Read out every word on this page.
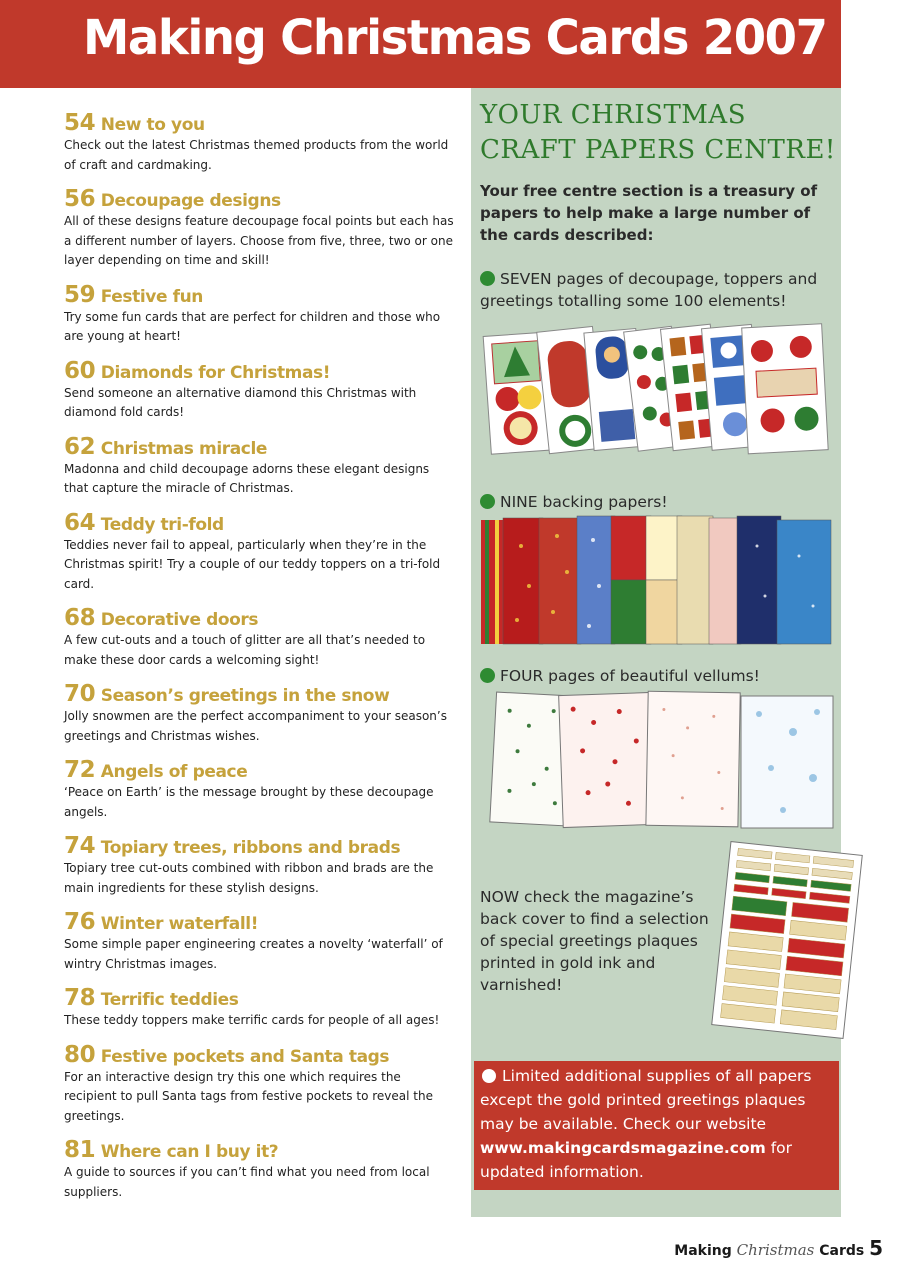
Making Christmas Cards 2007
54 New to you
Check out the latest Christmas themed products from the world of craft and cardmaking.
56 Decoupage designs
All of these designs feature decoupage focal points but each has a different number of layers. Choose from five, three, two or one layer depending on time and skill!
59 Festive fun
Try some fun cards that are perfect for children and those who are young at heart!
60 Diamonds for Christmas!
Send someone an alternative diamond this Christmas with diamond fold cards!
62 Christmas miracle
Madonna and child decoupage adorns these elegant designs that capture the miracle of Christmas.
64 Teddy tri-fold
Teddies never fail to appeal, particularly when they’re in the Christmas spirit! Try a couple of our teddy toppers on a tri-fold card.
68 Decorative doors
A few cut-outs and a touch of glitter are all that’s needed to make these door cards a welcoming sight!
70 Season’s greetings in the snow
Jolly snowmen are the perfect accompaniment to your season’s greetings and Christmas wishes.
72 Angels of peace
‘Peace on Earth’ is the message brought by these decoupage angels.
74 Topiary trees, ribbons and brads
Topiary tree cut-outs combined with ribbon and brads are the main ingredients for these stylish designs.
76 Winter waterfall!
Some simple paper engineering creates a novelty ‘waterfall’ of wintry Christmas images.
78 Terrific teddies
These teddy toppers make terrific cards for people of all ages!
80 Festive pockets and Santa tags
For an interactive design try this one which requires the recipient to pull Santa tags from festive pockets to reveal the greetings.
81 Where can I buy it?
A guide to sources if you can’t find what you need from local suppliers.
YOUR CHRISTMAS
CRAFT PAPERS CENTRE!
Your free centre section is a treasury of papers to help make a large number of the cards described:
SEVEN pages of decoupage, toppers and greetings totalling some 100 elements!
NINE backing papers!
FOUR pages of beautiful vellums!
NOW check the magazine’s back cover to find a selection of special greetings plaques printed in gold ink and varnished!
Limited additional supplies of all papers except the gold printed greetings plaques may be available. Check our website www.makingcardsmagazine.com for updated information.
Making Christmas Cards 5
